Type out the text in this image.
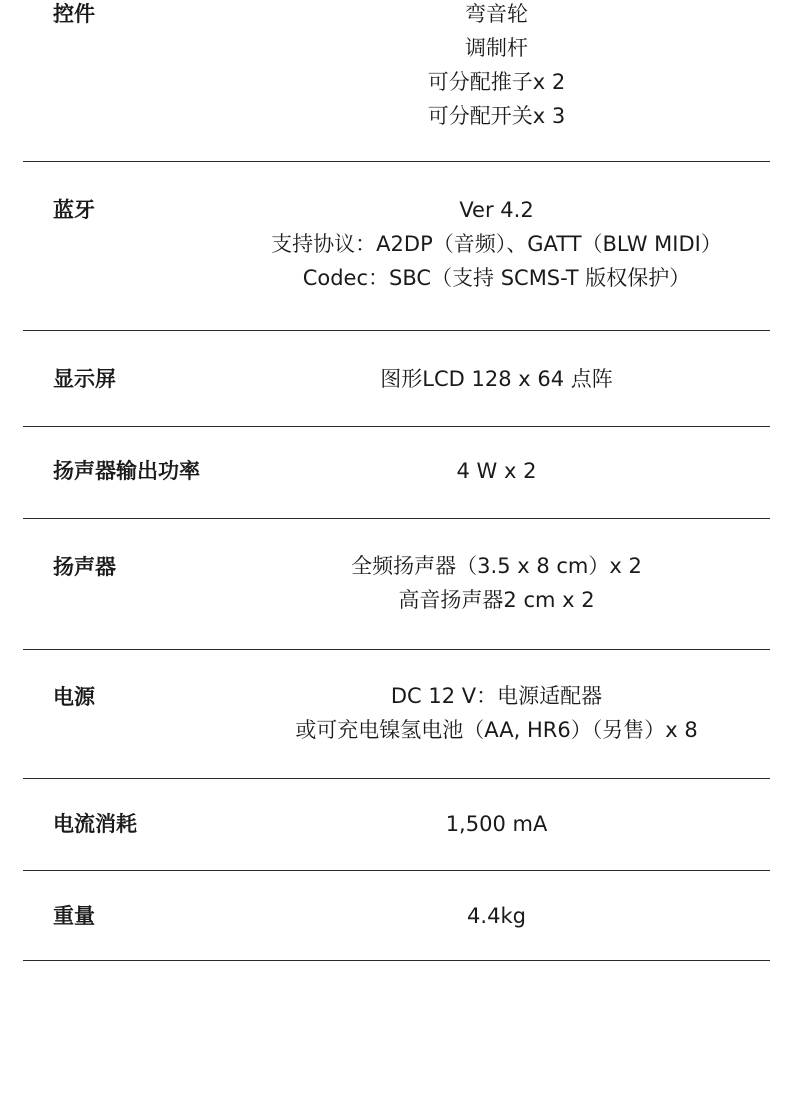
控件	弯音轮
调制杆
可分配推子x 2
可分配开关x 3
蓝牙	Ver 4.2
支持协议：A2DP（音频）、GATT（BLW MIDI）
Codec：SBC（支持 SCMS-T 版权保护）
显示屏	图形LCD 128 x 64 点阵
扬声器输出功率	4 W x 2
扬声器	全频扬声器（3.5 x 8 cm）x 2
高音扬声器2 cm x 2
电源	DC 12 V：电源适配器
或可充电镍氢电池（AA, HR6）（另售）x 8
电流消耗	1,500 mA
重量	4.4kg
